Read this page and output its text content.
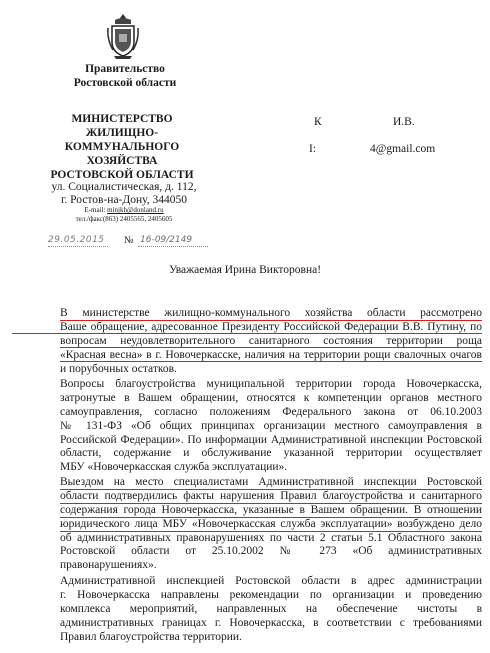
Правительство
Ростовской области
МИНИСТЕРСТВО
ЖИЛИЩНО-КОММУНАЛЬНОГО
ХОЗЯЙСТВА
РОСТОВСКОЙ ОБЛАСТИ
ул. Социалистическая, д. 112,
г. Ростов-на-Дону, 344050
E-mail: minjkh@donland.ru
тел./факс(863) 2405565, 2405605
29.05.2015 № 16-09/2149
К	И.В.
I:	4@gmail.com
Уважаемая Ирина Викторовна!
В министерстве жилищно-коммунального хозяйства области рассмотрено
Ваше обращение, адресованное Президенту Российской Федерации В.В. Путину, по
вопросам неудовлетворительного санитарного состояния территории роща
«Красная весна» в г. Новочеркасске, наличия на территории рощи свалочных очагов
и порубочных остатков.
Вопросы благоустройства муниципальной территории города Новочеркасска,
затронутые в Вашем обращении, относятся к компетенции органов местного
самоуправления, согласно положениям Федерального закона от 06.10.2003
№ 131-ФЗ «Об общих принципах организации местного самоуправления в
Российской Федерации». По информации Административной инспекции Ростовской
области, содержание и обслуживание указанной территории осуществляет
МБУ «Новочеркасская служба эксплуатации».
Выездом на место специалистами Административной инспекции Ростовской
области подтвердились факты нарушения Правил благоустройства и санитарного
содержания города Новочеркасска, указанные в Вашем обращении. В отношении
юридического лица МБУ «Новочеркасская служба эксплуатации» возбуждено дело
об административных правонарушениях по части 2 статьи 5.1 Областного закона
Ростовской области от 25.10.2002 № 273 «Об административных
правонарушениях».
Административной инспекцией Ростовской области в адрес администрации
г. Новочеркасска направлены рекомендации по организации и проведению
комплекса мероприятий, направленных на обеспечение чистоты в
административных границах г. Новочеркасска, в соответствии с требованиями
Правил благоустройства территории.
